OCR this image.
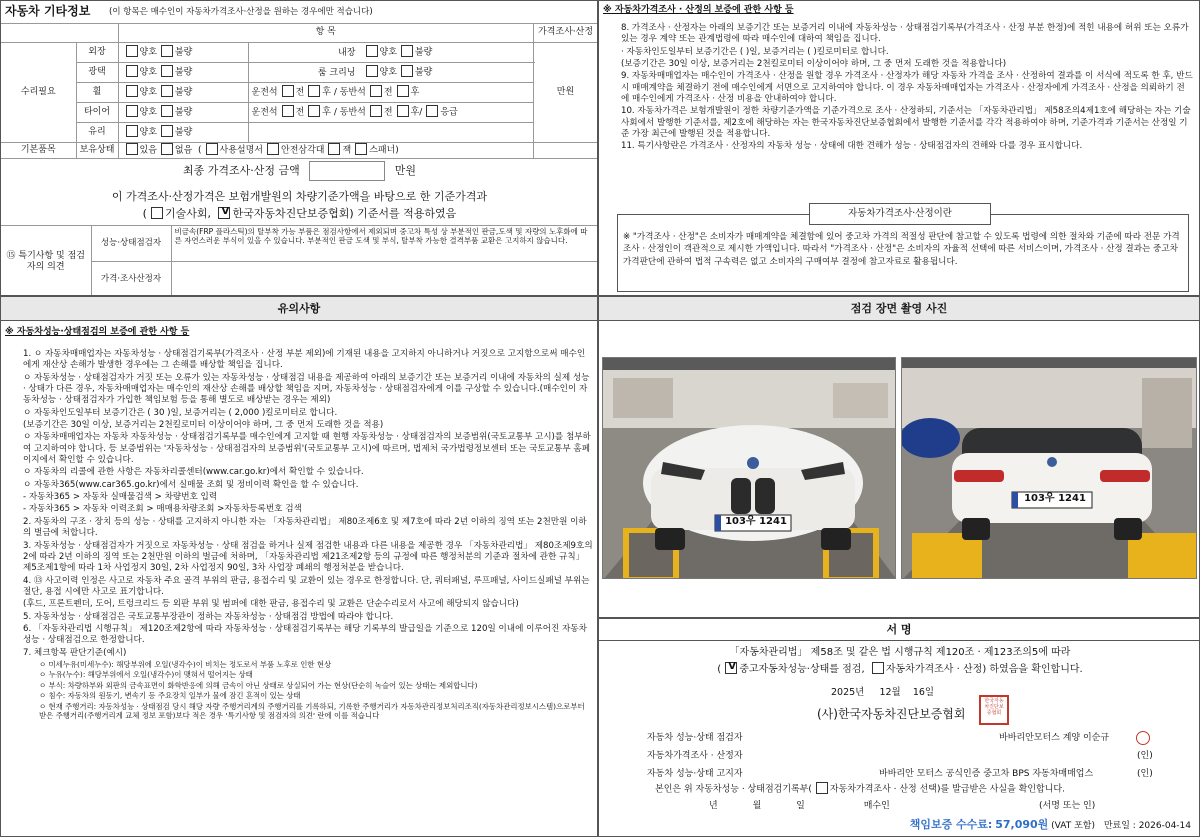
자동차 기타정보 (이 항목은 매수인이 자동차가격조사·산정을 원하는 경우에만 적습니다)
		항 목		가격조사·산정
수리필요	외장	양호 불량	내장 양호 불량	만원
	광택	양호 불량	룸 크리닝 양호 불량	
	휠	양호 불량	운전석 전 후 / 동반석 전 후	
	타이어	양호 불량	운전석 전 후 / 동반석 전 후/ 응급	
	유리	양호 불량		
기본품목	보유상태	있음 없음  ( 사용설명서 안전삼각대 잭 스패너)		
최종 가격조사·산정 금액	만원
이 가격조사·산정가격은 보험개발원의 차량기준가액을 바탕으로 한 기준가격과
( 기술사회, V한국자동차진단보증협회) 기준서를 적용하였음
⑮ 특기사항 및 점검자의 의견	성능·상태점검자	비금속(FRP 플라스틱)의 탈부착 가능 부품은 점검사항에서 제외되며 중고차 특성 상 부분적인 판금,도색 및 자량의 노후화에 따른 자연스러운 부식이 있을 수 있습니다. 부분적인 판금 도색 및 부식, 탈부착 가능한 결격부품 교환은 고지하지 않습니다.
	가격·조사산정자	
※ 자동차가격조사 · 산정의 보증에 관한 사항 등

8. 가격조사 · 산정자는 아래의 보증기간 또는 보증거리 이내에 자동차성능 · 상태점검기록부(가격조사 · 산정 부분 한정)에 적힌 내용에 허위 또는 오류가 있는 경우 계약 또는 관계법령에 따라 매수인에 대하여 책임을 집니다.

· 자동차인도일부터 보증기간은 ( )일, 보증거리는 ( )킬로미터로 합니다.

(보증기간은 30일 이상, 보증거리는 2천킬로미터 이상이어야 하며, 그 중 먼저 도래한 것을 적용합니다)

9. 자동차매매업자는 매수인이 가격조사 · 산정을 원할 경우 가격조사 · 산정자가 해당 자동차 가격을 조사 · 산정하여 결과를 이 서식에 적도록 한 후, 반드시 매매계약을 체결하기 전에 매수인에게 서면으로 고지하여야 합니다. 이 경우 자동차매매업자는 가격조사 · 산정자에게 가격조사 · 산정을 의뢰하기 전에 매수인에게 가격조사 · 산정 비용을 안내하여야 합니다.

10. 자동차가격은 보험개발원이 정한 차량기준가액을 기준가격으로 조사 · 산정하되, 기준서는 「자동차관리법」 제58조의4제1호에 해당하는 자는 기술사회에서 발행한 기준서를, 제2호에 해당하는 자는 한국자동차진단보증협회에서 발행한 기준서를 각각 적용하여야 하며, 기준가격과 기준서는 산정일 기준 가장 최근에 발행된 것을 적용합니다.

11. 특기사항란은 가격조사 · 산정자의 자동차 성능 · 상태에 대한 견해가 성능 · 상태점검자의 견해와 다를 경우 표시합니다.

자동차가격조사·산정이란
※ "가격조사 · 산정"은 소비자가 매매계약을 체결함에 있어 중고차 가격의 적절성 판단에 참고할 수 있도록 법령에 의한 절차와 기준에 따라 전문 가격조사 · 산정인이 객관적으로 제시한 가액입니다. 따라서 "가격조사 · 산정"은 소비자의 자율적 선택에 따른 서비스이며, 가격조사 · 산정 결과는 중고차 가격판단에 관하여 법적 구속력은 없고 소비자의 구매여부 결정에 참고자료로 활용됩니다.
유의사항
※ 자동차성능·상태점검의 보증에 관한 사항 등

1. ㅇ 자동차매매업자는 자동차성능 · 상태점검기록부(가격조사 · 산정 부분 제외)에 기재된 내용을 고지하지 아니하거나 거짓으로 고지함으로써 매수인에게 재산상 손해가 발생한 경우에는 그 손해를 배상할 책임을 집니다.

ㅇ 자동차성능 · 상태점검자가 거짓 또는 오류가 있는 자동차성능 · 상태점검 내용을 제공하여 아래의 보증기간 또는 보증거리 이내에 자동차의 실제 성능 · 상태가 다른 경우, 자동차매매업자는 매수인의 재산상 손해를 배상할 책임을 지며, 자동차성능 · 상태점검자에게 이를 구상할 수 있습니다.(매수인이 자동차성능 · 상태점검자가 가입한 책임보험 등을 통해 별도로 배상받는 경우는 제외)

ㅇ 자동차인도일부터 보증기간은 ( 30 )일, 보증거리는 ( 2,000 )킬로미터로 합니다.

(보증기간은 30일 이상, 보증거리는 2천킬로미터 이상이어야 하며, 그 중 먼저 도래한 것을 적용)

ㅇ 자동차매매업자는 자동차 자동차성능 · 상태점검기록부를 매수인에게 고지할 때 현행 자동차성능 · 상태점검자의 보증범위(국토교통부 고시)를 첨부하여 고지하여야 합니다. 등 보증범위는 '자동차성능 · 상태점검자의 보증범위'(국토교통부 고시)에 따르며, 법제처 국가법령정보센터 또는 국토교통부 홈페이지에서 확인할 수 있습니다.

ㅇ 자동차의 리콜에 관한 사항은 자동차리콜센터(www.car.go.kr)에서 확인할 수 있습니다.

ㅇ 자동차365(www.car365.go.kr)에서 실매물 조회 및 정비이력 확인을 할 수 있습니다.

- 자동차365 > 자동차 실매물검색 > 차량번호 입력

- 자동차365 > 자동차 이력조회 > 매매용차량조회 >자동차등록번호 검색

2. 자동차의 구조 · 장치 등의 성능 · 상태를 고지하지 아니한 자는 「자동차관리법」 제80조제6호 및 제7호에 따라 2년 이하의 징역 또는 2천만원 이하의 벌금에 처합니다.

3. 자동차성능 · 상태점검자가 거짓으로 자동차성능 · 상태 점검을 하거나 실제 점검한 내용과 다른 내용을 제공한 경우 「자동차관리법」 제80조제9호의2에 따라 2년 이하의 징역 또는 2천만원 이하의 벌금에 처하며, 「자동차관리법 제21조제2항 등의 규정에 따른 행정처분의 기준과 절차에 관한 규칙」 제5조제1항에 따라 1차 사업정지 30일, 2차 사업정지 90일, 3차 사업장 폐쇄의 행정처분을 받습니다.

4. ⑬ 사고이력 인정은 사고로 자동차 주요 골격 부위의 판금, 용접수리 및 교환이 있는 경우로 한정합니다. 단, 쿼터패널, 루프패널, 사이드실패널 부위는 절단, 용접 시에만 사고로 표기합니다.

(후드, 프론트펜더, 도어, 트렁크리드 등 외판 부위 및 범퍼에 대한 판금, 용접수리 및 교환은 단순수리로서 사고에 해당되지 않습니다)

5. 자동차성능 · 상태점검은 국토교통부장관이 정하는 자동차성능 · 상태점검 방법에 따라야 합니다.

6. 「자동차관리법 시행규칙」 제120조제2항에 따라 자동차성능 · 상태점검기록부는 해당 기록부의 발급일을 기준으로 120일 이내에 이루어진 자동차 성능 · 상태점검으로 한정합니다.

7. 체크항목 판단기준(예시)

ㅇ 미세누유(미세누수): 해당부위에 오일(냉각수)이 비치는 정도로서 부품 노후로 인한 현상

ㅇ 누유(누수): 해당부위에서 오일(냉각수)이 맺혀서 떨어지는 상태

ㅇ 부식: 차량하부와 외판의 금속표면이 화학반응에 의해 금속이 아닌 상태로 상실되어 가는 현상(단순히 녹슬어 있는 상태는 제외합니다)

ㅇ 침수: 자동차의 원동기, 변속기 등 주요장치 일부가 물에 잠긴 흔적이 있는 상태

ㅇ 현재 주행거리: 자동차성능 · 상태점검 당시 해당 자량 주행거리계의 주행거리를 기록하되, 기록한 주행거리가 자동차관리정보처리조직(자동차관리정보시스템)으로부터 받은 주행거리(주행거리계 교체 정보 포함)보다 적은 경우 '특기사항 및 점검자의 의견' 란에 이를 적습니다

점검 장면 촬영 사진
103우 1241
103우 1241
서 명
「자동차관리법」 제58조 및 같은 법 시행규칙 제120조 · 제123조의5에 따라
( V 중고자동차성능·상태를 점검, 자동차가격조사 · 산정) 하였음을 확인합니다.
2025년 12월 16일
(사)한국자동차진단보증협회
한국자동차진단보증협회
자동차 성능·상태 점검자	바바리안모터스 계양 이순규
자동차가격조사 · 산정자	(인)
자동차 성능·상태 고지자	바바리안 모터스 공식인증 중고차 BPS 자동차매매업스	(인)
본인은 위 자동차성능 · 상태점검기록부( 자동차가격조사 · 산정 선택)를 발급받은 사실을 확인합니다.
년	월	일	매수인	(서명 또는 인)
책임보증 수수료: 57,090원 (VAT 포함) 만료일 : 2026-04-14
